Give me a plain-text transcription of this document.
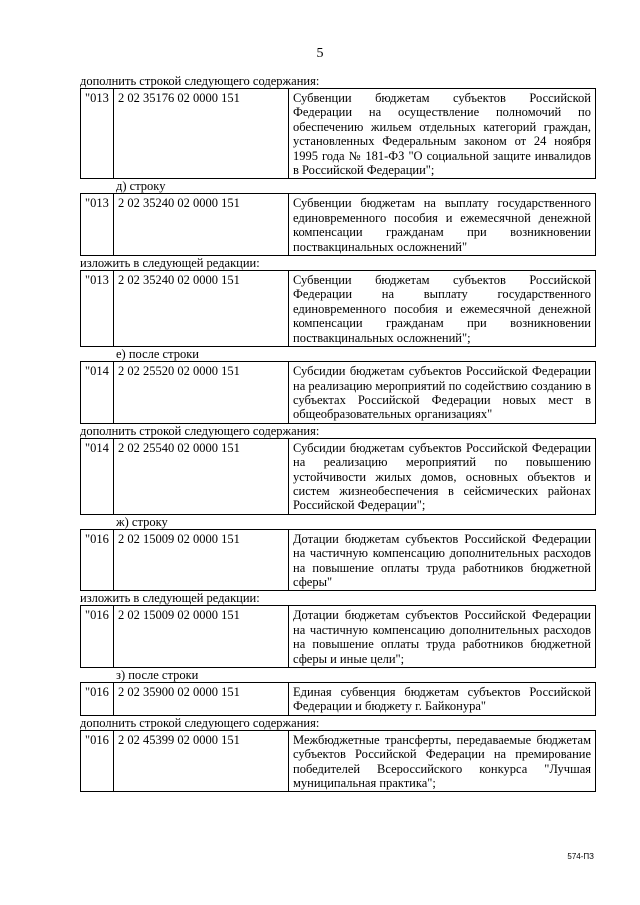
5
дополнить строкой следующего содержания:
"013	2 02 35176 02 0000 151	Субвенции бюджетам субъектов Российской Федерации на осуществление полномочий по обеспечению жильем отдельных категорий граждан, установленных Федеральным законом от 24 ноября 1995 года № 181-ФЗ "О социальной защите инвалидов в Российской Федерации";
д) строку
"013	2 02 35240 02 0000 151	Субвенции бюджетам на выплату государственного единовременного пособия и ежемесячной денежной компенсации гражданам при возникновении поствакцинальных осложнений"
изложить в следующей редакции:
"013	2 02 35240 02 0000 151	Субвенции бюджетам субъектов Российской Федерации на выплату государственного единовременного пособия и ежемесячной денежной компенсации гражданам при возникновении поствакцинальных осложнений";
е) после строки
"014	2 02 25520 02 0000 151	Субсидии бюджетам субъектов Российской Федерации на реализацию мероприятий по содействию созданию в субъектах Российской Федерации новых мест в общеобразовательных организациях"
дополнить строкой следующего содержания:
"014	2 02 25540 02 0000 151	Субсидии бюджетам субъектов Российской Федерации на реализацию мероприятий по повышению устойчивости жилых домов, основных объектов и систем жизнеобеспечения в сейсмических районах Российской Федерации";
ж) строку
"016	2 02 15009 02 0000 151	Дотации бюджетам субъектов Российской Федерации на частичную компенсацию дополнительных расходов на повышение оплаты труда работников бюджетной сферы"
изложить в следующей редакции:
"016	2 02 15009 02 0000 151	Дотации бюджетам субъектов Российской Федерации на частичную компенсацию дополнительных расходов на повышение оплаты труда работников бюджетной сферы и иные цели";
з) после строки
"016	2 02 35900 02 0000 151	Единая субвенция бюджетам субъектов Российской Федерации и бюджету г. Байконура"
дополнить строкой следующего содержания:
"016	2 02 45399 02 0000 151	Межбюджетные трансферты, передаваемые бюджетам субъектов Российской Федерации на премирование победителей Всероссийского конкурса "Лучшая муниципальная практика";
574-ПЗ
